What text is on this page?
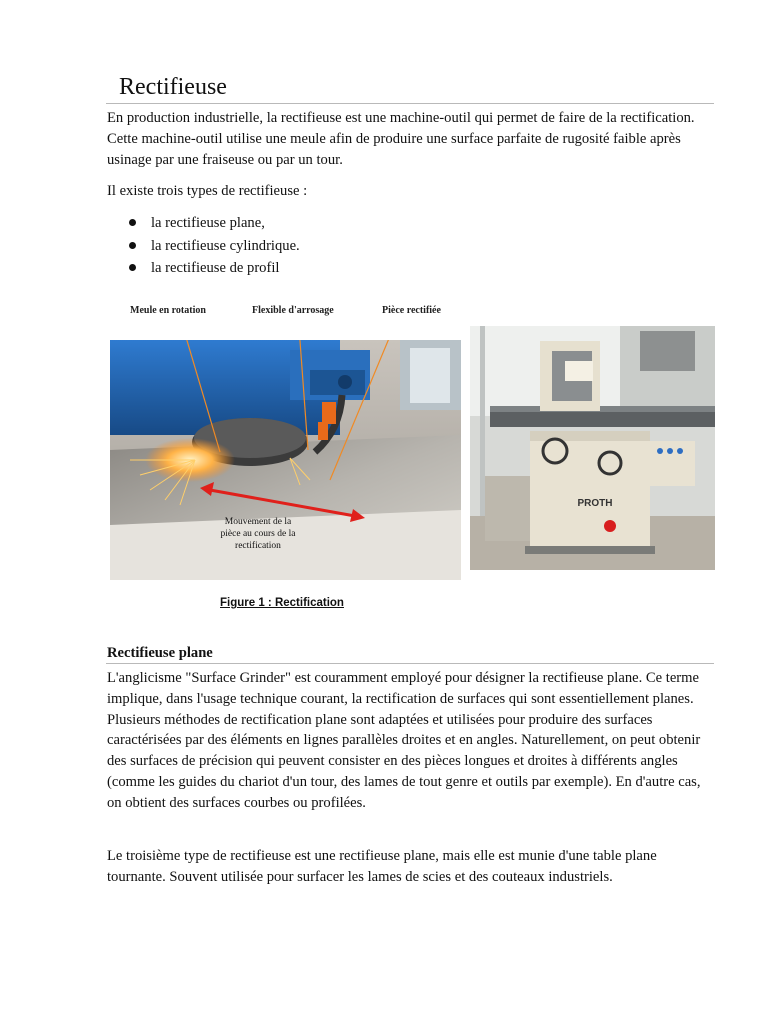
Rectifieuse

En production industrielle, la rectifieuse est une machine-outil qui permet de faire de la rectification. Cette machine-outil utilise une meule afin de produire une surface parfaite de rugosité faible après usinage par une fraiseuse ou par un tour.

Il existe trois types de rectifieuse :

la rectifieuse plane,
la rectifieuse cylindrique.
la rectifieuse de profil
Meule en rotation	Flexible d'arrosage	Pièce rectifiée
Mouvement de la
pièce au cours de la
rectification
PROTH
Figure 1 : Rectification
Rectifieuse plane

L'anglicisme "Surface Grinder" est couramment employé pour désigner la rectifieuse plane. Ce terme implique, dans l'usage technique courant, la rectification de surfaces qui sont essentiellement planes. Plusieurs méthodes de rectification plane sont adaptées et utilisées pour produire des surfaces caractérisées par des éléments en lignes parallèles droites et en angles. Naturellement, on peut obtenir des surfaces de précision qui peuvent consister en des pièces longues et droites à différents angles (comme les guides du chariot d'un tour, des lames de tout genre et outils par exemple). En d'autre cas, on obtient des surfaces courbes ou profilées.

Le troisième type de rectifieuse est une rectifieuse plane, mais elle est munie d'une table plane tournante. Souvent utilisée pour surfacer les lames de scies et des couteaux industriels.
